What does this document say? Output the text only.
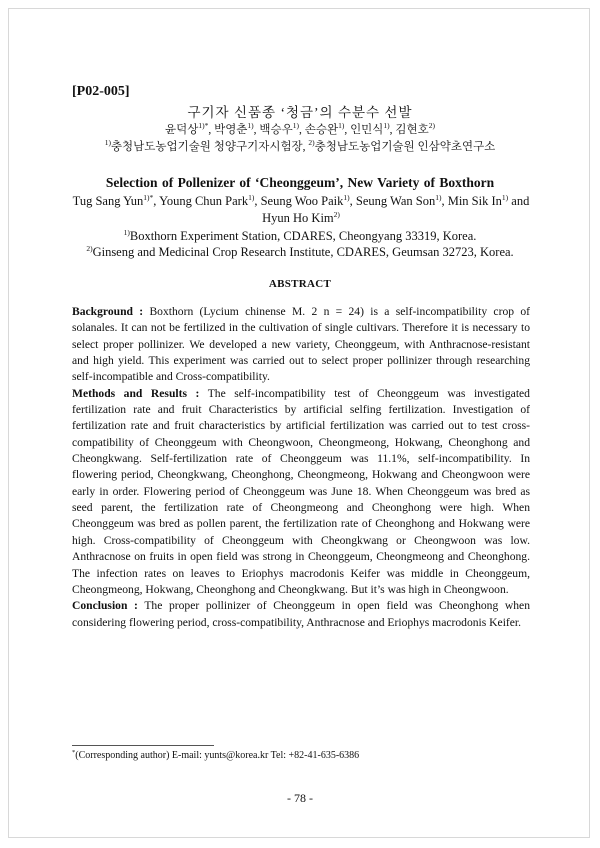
[P02-005]
구기자 신품종 ‘청금’의 수분수 선발
윤덕상$^{1)*}$, 박영춘$^{1)}$, 백승우$^{1)}$, 손승완$^{1)}$, 인민식$^{1)}$, 김현호$^{2)}$
$^{1)}$충청남도농업기술원 청양구기자시험장, $^{2)}$충청남도농업기술원 인삼약초연구소
Selection of Pollenizer of ‘Cheonggeum’, New Variety of Boxthorn
Tug Sang Yun$^{1)*}$, Young Chun Park$^{1)}$, Seung Woo Paik$^{1)}$, Seung Wan Son$^{1)}$, Min Sik In$^{1)}$ and Hyun Ho Kim$^{2)}$
$^{1)}$Boxthorn Experiment Station, CDARES, Cheongyang 33319, Korea.
$^{2)}$Ginseng and Medicinal Crop Research Institute, CDARES, Geumsan 32723, Korea.
ABSTRACT

Background : Boxthorn (Lycium chinense M. 2 n = 24) is a self-incompatibility crop of solanales. It can not be fertilized in the cultivation of single cultivars. Therefore it is necessary to select proper pollinizer. We developed a new variety, Cheonggeum, with Anthracnose-resistant and high yield. This experiment was carried out to select proper pollinizer through researching self-incompatible and Cross-compatibility.

Methods and Results : The self-incompatibility test of Cheonggeum was investigated fertilization rate and fruit Characteristics by artificial selfing fertilization. Investigation of fertilization rate and fruit characteristics by artificial fertilization was carried out to test cross-compatibility of Cheonggeum with Cheongwoon, Cheongmeong, Hokwang, Cheonghong and Cheongkwang. Self-fertilization rate of Cheonggeum was 11.1%, self-incompatibility. In flowering period, Cheongkwang, Cheonghong, Cheongmeong, Hokwang and Cheongwoon were early in order. Flowering period of Cheonggeum was June 18. When Cheonggeum was bred as seed parent, the fertilization rate of Cheongmeong and Cheonghong were high. When Cheonggeum was bred as pollen parent, the fertilization rate of Cheonghong and Hokwang were high. Cross-compatibility of Cheonggeum with Cheongkwang or Cheongwoon was low. Anthracnose on fruits in open field was strong in Cheonggeum, Cheongmeong and Cheonghong. The infection rates on leaves to Eriophys macrodonis Keifer was middle in Cheonggeum, Cheongmeong, Hokwang, Cheonghong and Cheongkwang. But it’s was high in Cheongwoon.

Conclusion : The proper pollinizer of Cheonggeum in open field was Cheonghong when considering flowering period, cross-compatibility, Anthracnose and Eriophys macrodonis Keifer.

*(Corresponding author) E-mail: yunts@korea.kr Tel: +82-41-635-6386
- 78 -
